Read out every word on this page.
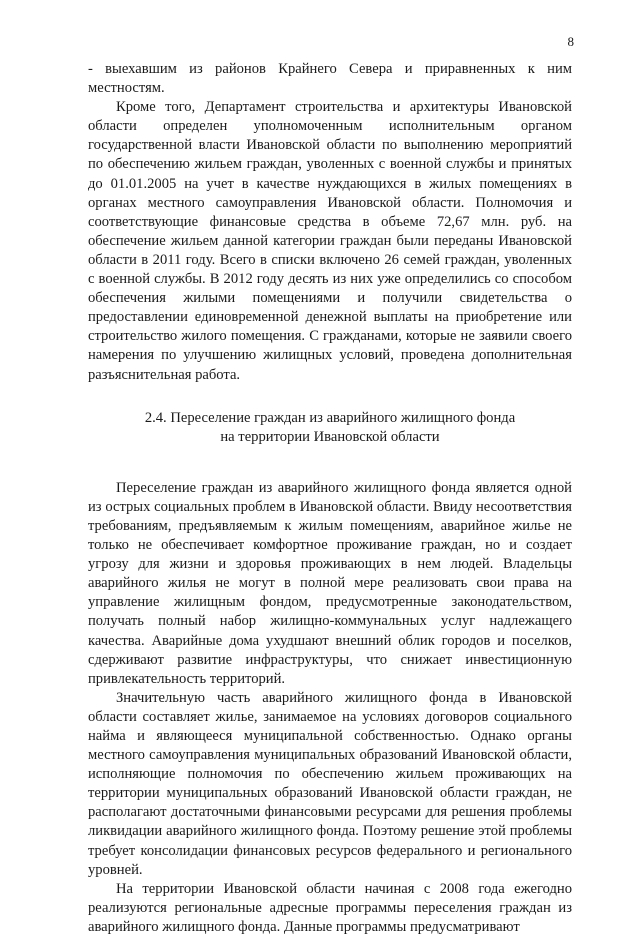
8

- выехавшим из районов Крайнего Севера и приравненных к ним местностям.

Кроме того, Департамент строительства и архитектуры Ивановской области определен уполномоченным исполнительным органом государственной власти Ивановской области по выполнению мероприятий по обеспечению жильем граждан, уволенных с военной службы и принятых до 01.01.2005 на учет в качестве нуждающихся в жилых помещениях в органах местного самоуправления Ивановской области. Полномочия и соответствующие финансовые средства в объеме 72,67 млн. руб. на обеспечение жильем данной категории граждан были переданы Ивановской области в 2011 году. Всего в списки включено 26 семей граждан, уволенных с военной службы. В 2012 году десять из них уже определились со способом обеспечения жилыми помещениями и получили свидетельства о предоставлении единовременной денежной выплаты на приобретение или строительство жилого помещения. С гражданами, которые не заявили своего намерения по улучшению жилищных условий, проведена дополнительная разъяснительная работа.

2.4. Переселение граждан из аварийного жилищного фонда
на территории Ивановской области

Переселение граждан из аварийного жилищного фонда является одной из острых социальных проблем в Ивановской области. Ввиду несоответствия требованиям, предъявляемым к жилым помещениям, аварийное жилье не только не обеспечивает комфортное проживание граждан, но и создает угрозу для жизни и здоровья проживающих в нем людей. Владельцы аварийного жилья не могут в полной мере реализовать свои права на управление жилищным фондом, предусмотренные законодательством, получать полный набор жилищно-коммунальных услуг надлежащего качества. Аварийные дома ухудшают внешний облик городов и поселков, сдерживают развитие инфраструктуры, что снижает инвестиционную привлекательность территорий.

Значительную часть аварийного жилищного фонда в Ивановской области составляет жилье, занимаемое на условиях договоров социального найма и являющееся муниципальной собственностью. Однако органы местного самоуправления муниципальных образований Ивановской области, исполняющие полномочия по обеспечению жильем проживающих на территории муниципальных образований Ивановской области граждан, не располагают достаточными финансовыми ресурсами для решения проблемы ликвидации аварийного жилищного фонда. Поэтому решение этой проблемы требует консолидации финансовых ресурсов федерального и регионального уровней.

На территории Ивановской области начиная с 2008 года ежегодно реализуются региональные адресные программы переселения граждан из аварийного жилищного фонда. Данные программы предусматривают
